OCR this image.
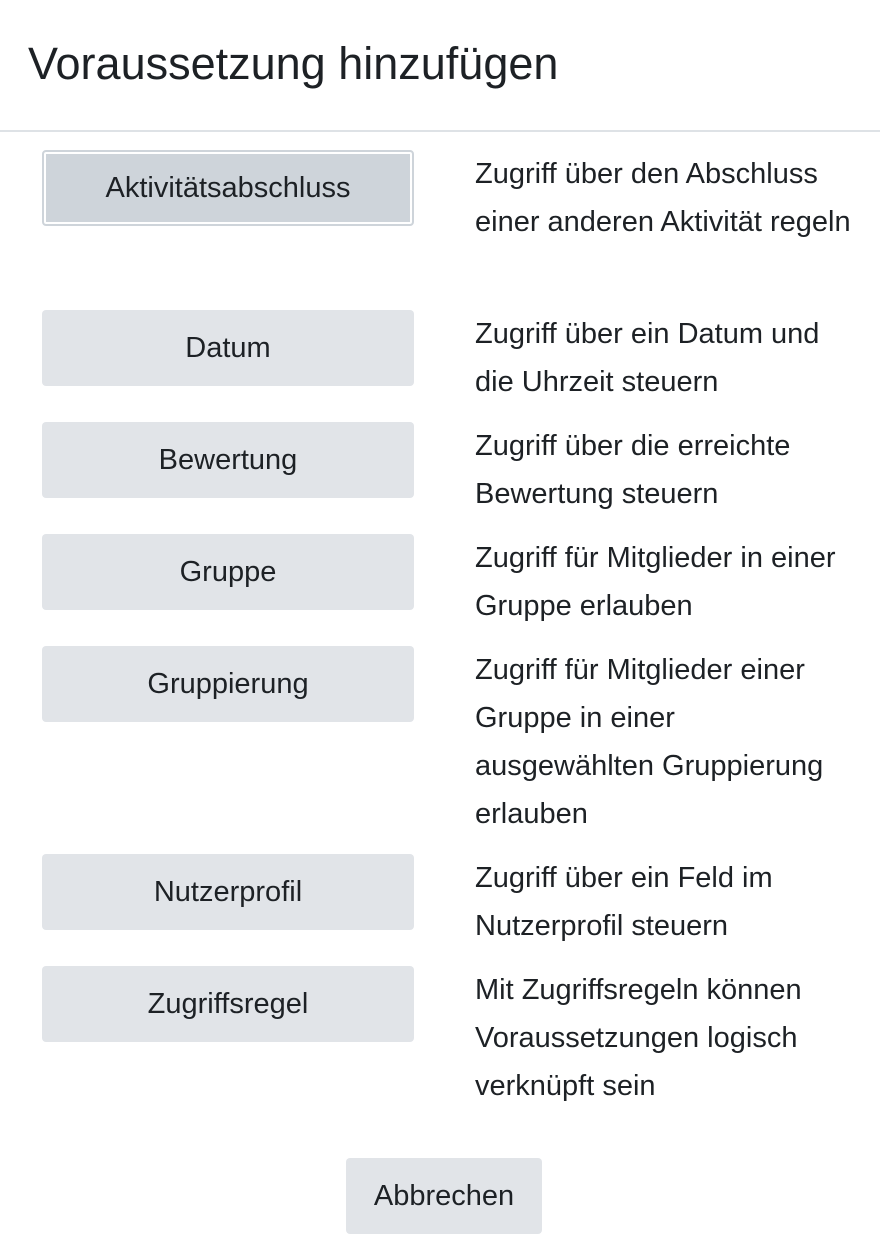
Voraussetzung hinzufügen
Aktivitätsabschluss	Zugriff über den Abschluss einer anderen Aktivität regeln
Datum	Zugriff über ein Datum und die Uhrzeit steuern
Bewertung	Zugriff über die erreichte Bewertung steuern
Gruppe	Zugriff für Mitglieder in einer Gruppe erlauben
Gruppierung	Zugriff für Mitglieder einer Gruppe in einer ausgewählten Gruppierung erlauben
Nutzerprofil	Zugriff über ein Feld im Nutzerprofil steuern
Zugriffsregel	Mit Zugriffsregeln können Voraussetzungen logisch verknüpft sein
Abbrechen
